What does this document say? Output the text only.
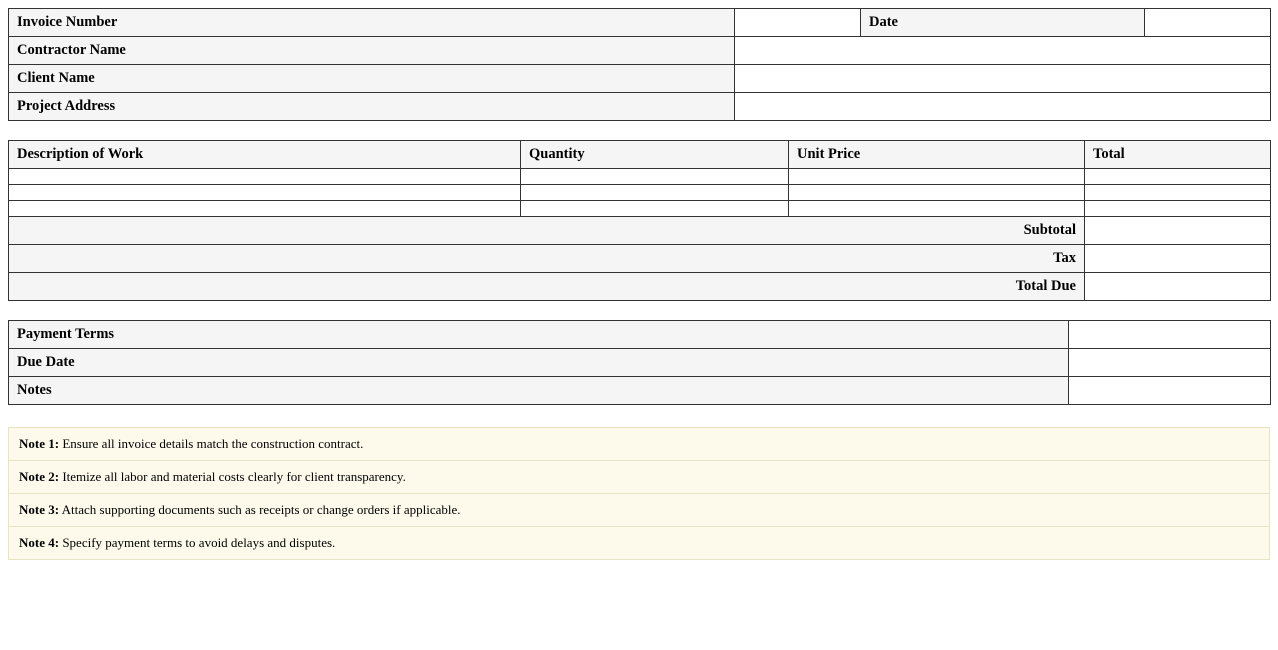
Invoice Number		Date	
Contractor Name			
Client Name			
Project Address			
Description of Work	Quantity	Unit Price	Total

Subtotal			
Tax			
Total Due			
Payment Terms	
Due Date	
Notes	
Note 1: Ensure all invoice details match the construction contract.
Note 2: Itemize all labor and material costs clearly for client transparency.
Note 3: Attach supporting documents such as receipts or change orders if applicable.
Note 4: Specify payment terms to avoid delays and disputes.
